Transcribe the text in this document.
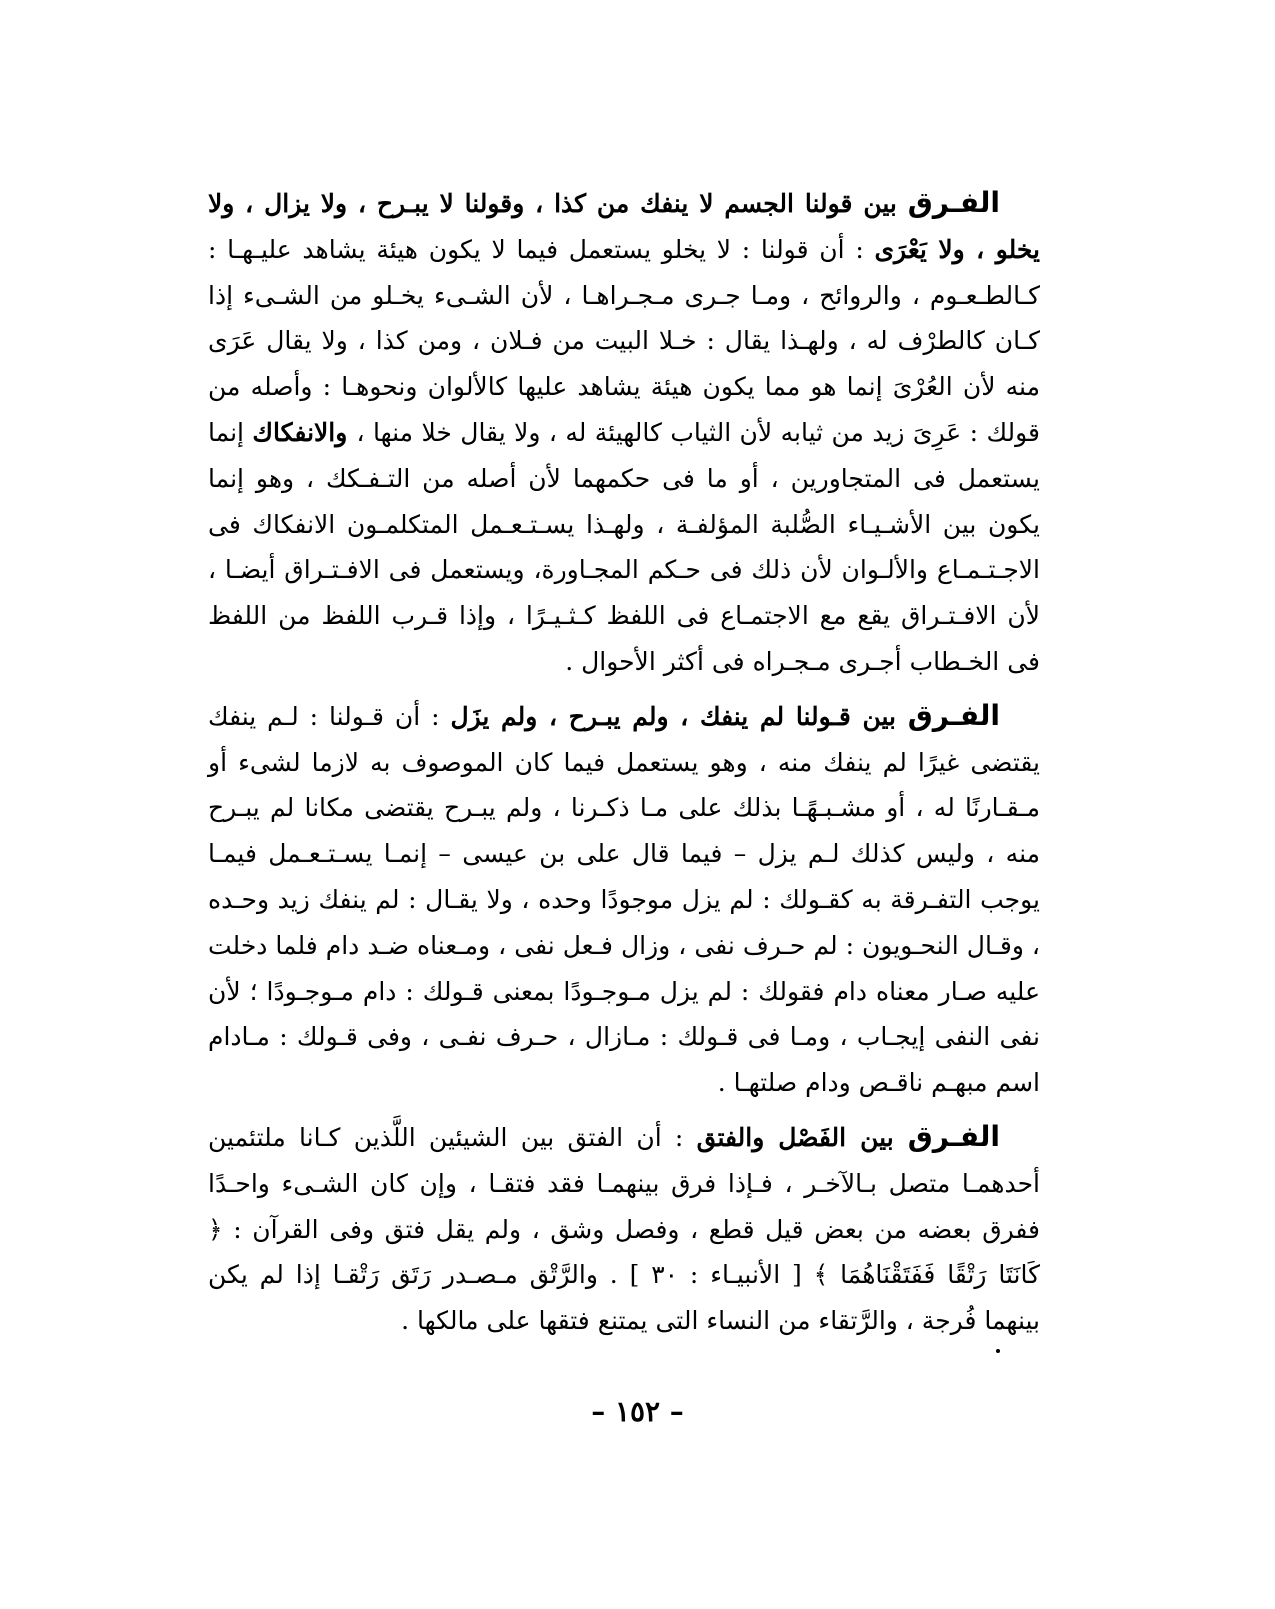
الفـرق بين قولنا الجسم لا ينفك من كذا ، وقولنا لا يبـرح ، ولا يزال ، ولا يخلو ، ولا يَعْرَى : أن قولنا : لا يخلو يستعمل فيما لا يكون هيئة يشاهد عليـهـا : كـالطـعـوم ، والروائح ، ومـا جـرى مـجـراهـا ، لأن الشـىء يخـلو من الشـىء إذا كـان كالطرْف له ، ولهـذا يقال : خـلا البيت من فـلان ، ومن كذا ، ولا يقال عَرَى منه لأن العُرْىَ إنما هو مما يكون هيئة يشاهد عليها كالألوان ونحوهـا : وأصله من قولك : عَرِىَ زيد من ثيابه لأن الثياب كالهيئة له ، ولا يقال خلا منها ، والانفكاك إنما يستعمل فى المتجاورين ، أو ما فى حكمهما لأن أصله من التـفـكك ، وهو إنما يكون بين الأشـيـاء الصُّلبة المؤلفـة ، ولهـذا يسـتـعـمل المتكلمـون الانفكاك فى الاجـتـمـاع والألـوان لأن ذلك فى حـكم المجـاورة، ويستعمل فى الافـتـراق أيضـا ، لأن الافـتـراق يقع مع الاجتمـاع فى اللفظ كـثـيـرًا ، وإذا قـرب اللفظ من اللفظ فى الخـطاب أجـرى مـجـراه فى أكثر الأحوال .

الفـرق بين قـولنا لم ينفك ، ولم يبـرح ، ولم يزَل : أن قـولنا : لـم ينفك يقتضى غيرًا لم ينفك منه ، وهو يستعمل فيما كان الموصوف به لازما لشىء أو مـقـارنًا له ، أو مشـبـهًـا بذلك على مـا ذكـرنا ، ولم يبـرح يقتضى مكانا لم يبـرح منه ، وليس كذلك لـم يزل – فيما قال على بن عيسى – إنمـا يسـتـعـمل فيمـا يوجب التفـرقة به كقـولك : لم يزل موجودًا وحده ، ولا يقـال : لم ينفك زيد وحـده ، وقـال النحـويون : لم حـرف نفى ، وزال فـعل نفى ، ومـعناه ضـد دام فلما دخلت عليه صـار معناه دام فقولك : لم يزل مـوجـودًا بمعنى قـولك : دام مـوجـودًا ؛ لأن نفى النفى إيجـاب ، ومـا فى قـولك : مـازال ، حـرف نفـى ، وفى قـولك : مـادام اسم مبهـم ناقـص ودام صلتهـا .

الفـرق بين الفَصْل والفتق : أن الفتق بين الشيئين اللَّذين كـانا ملتئمين أحدهمـا متصل بـالآخـر ، فـإذا فرق بينهمـا فقد فتقـا ، وإن كان الشـىء واحـدًا ففرق بعضه من بعض قيل قطع ، وفصل وشق ، ولم يقل فتق وفى القرآن : ﴿ كَانَتَا رَتْقًا فَفَتَقْنَاهُمَا ﴾ [ الأنبيـاء : ٣٠ ] . والرَّتْق مـصـدر رَتَق رَتْقـا إذا لم يكن بينهما فُرجة ، والرَّتقاء من النساء التى يمتنع فتقها على مالكها .

– ١٥٢ –
